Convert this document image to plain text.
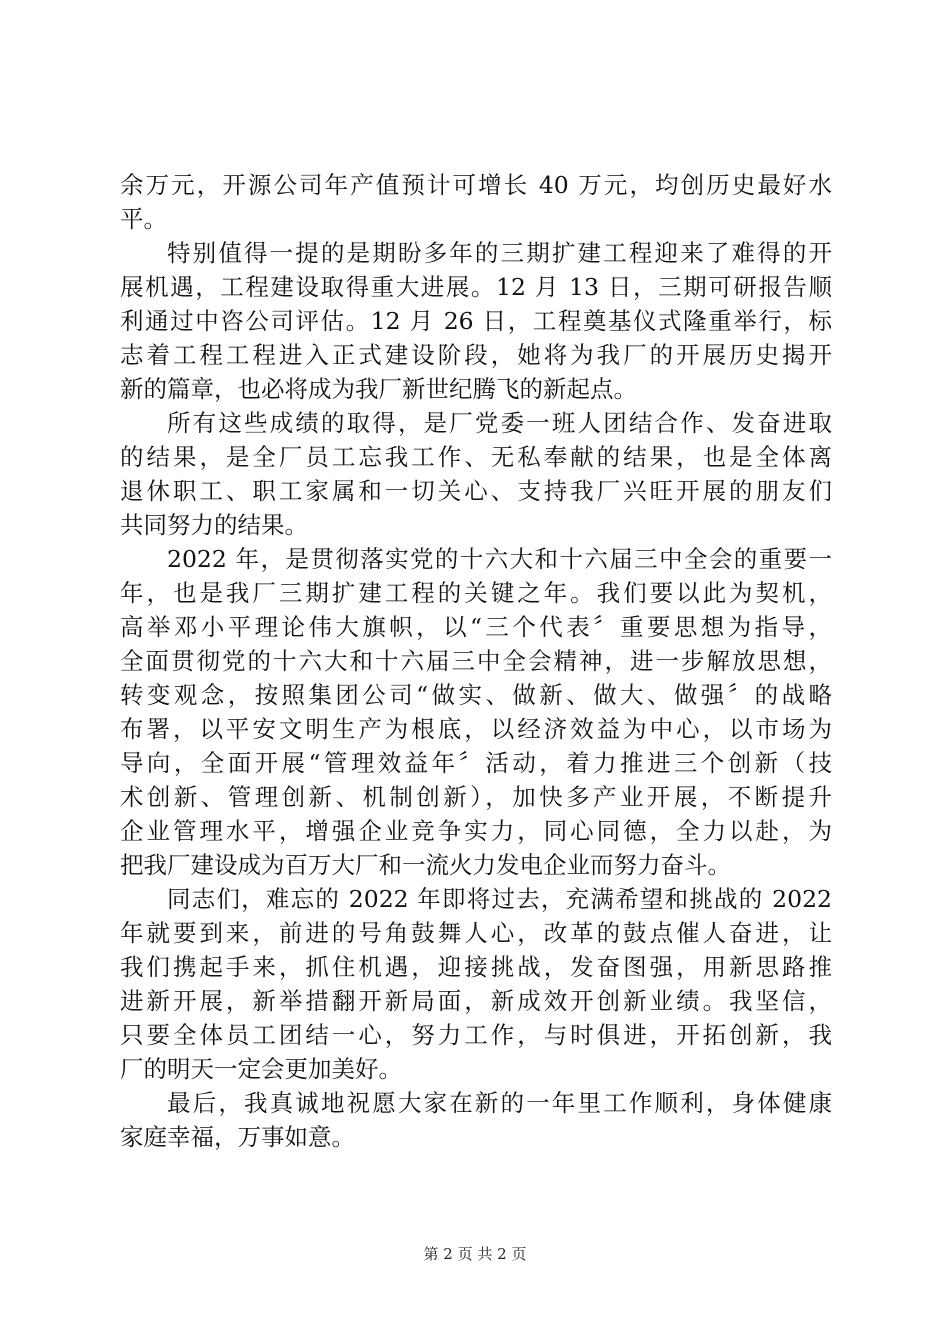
余万元，开源公司年产值预计可增长 40 万元，均创历史最好水
平。
特别值得一提的是期盼多年的三期扩建工程迎来了难得的开
展机遇，工程建设取得重大进展。12 月 13 日，三期可研报告顺
利通过中咨公司评估。12 月 26 日，工程奠基仪式隆重举行，标
志着工程工程进入正式建设阶段，她将为我厂的开展历史揭开
新的篇章，也必将成为我厂新世纪腾飞的新起点。
所有这些成绩的取得，是厂党委一班人团结合作、发奋进取
的结果，是全厂员工忘我工作、无私奉献的结果，也是全体离
退休职工、职工家属和一切关心、支持我厂兴旺开展的朋友们
共同努力的结果。
2022 年，是贯彻落实党的十六大和十六届三中全会的重要一
年，也是我厂三期扩建工程的关键之年。我们要以此为契机，
高举邓小平理论伟大旗帜，以“三个代表〞重要思想为指导，
全面贯彻党的十六大和十六届三中全会精神，进一步解放思想，
转变观念，按照集团公司“做实、做新、做大、做强〞的战略
布署，以平安文明生产为根底，以经济效益为中心，以市场为
导向，全面开展“管理效益年〞活动，着力推进三个创新（技
术创新、管理创新、机制创新），加快多产业开展，不断提升
企业管理水平，增强企业竞争实力，同心同德，全力以赴，为
把我厂建设成为百万大厂和一流火力发电企业而努力奋斗。
同志们，难忘的 2022 年即将过去，充满希望和挑战的 2022
年就要到来，前进的号角鼓舞人心，改革的鼓点催人奋进，让
我们携起手来，抓住机遇，迎接挑战，发奋图强，用新思路推
进新开展，新举措翻开新局面，新成效开创新业绩。我坚信，
只要全体员工团结一心，努力工作，与时俱进，开拓创新，我
厂的明天一定会更加美好。
最后，我真诚地祝愿大家在新的一年里工作顺利，身体健康
家庭幸福，万事如意。
第 2 页 共 2 页
